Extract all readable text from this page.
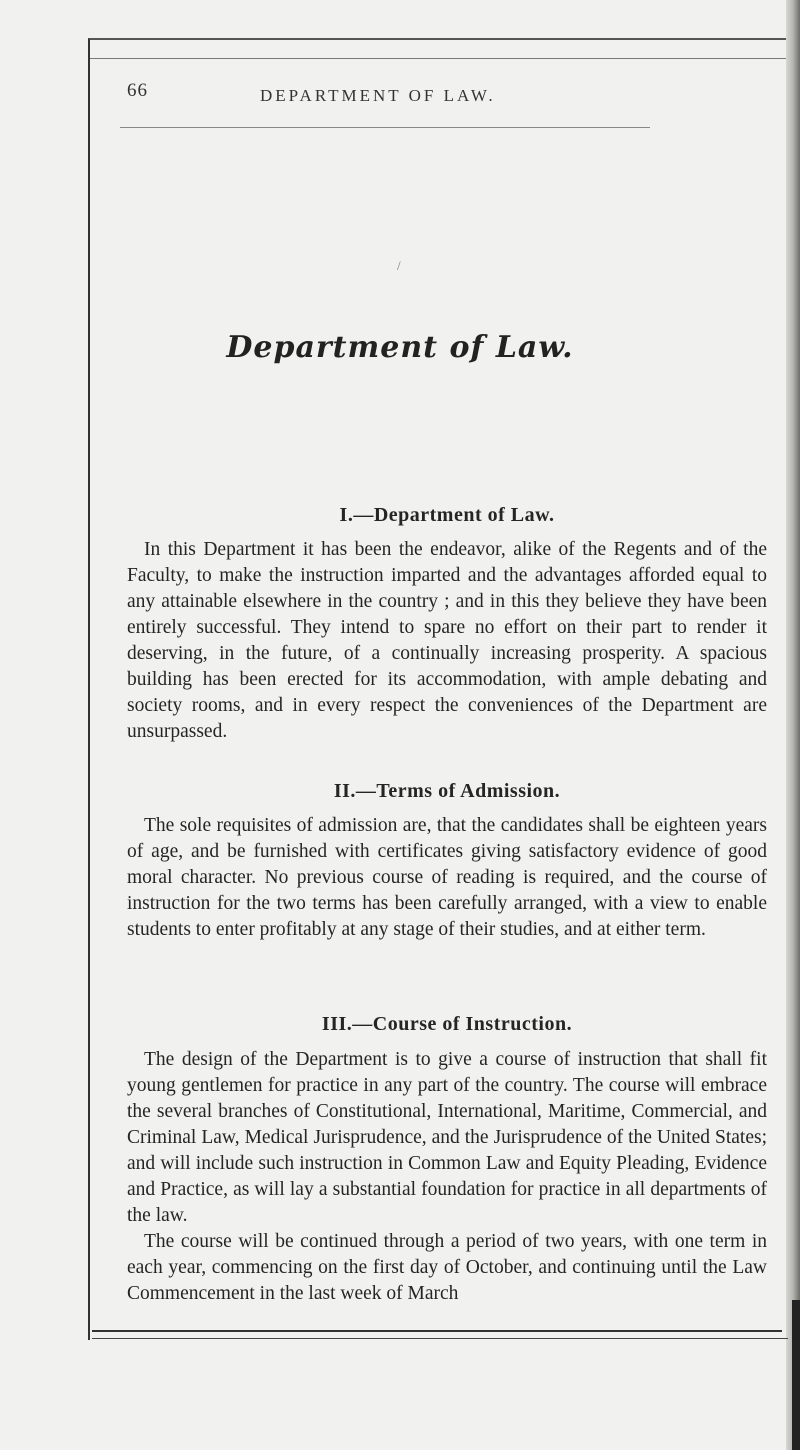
66	DEPARTMENT OF LAW.
/
Department of Law.

I.—Department of Law.

In this Department it has been the endeavor, alike of the Regents and of the Faculty, to make the instruction imparted and the advantages afforded equal to any attainable elsewhere in the country ; and in this they believe they have been entirely successful. They intend to spare no effort on their part to render it deserving, in the future, of a continually increasing prosperity. A spacious building has been erected for its accommodation, with ample debating and society rooms, and in every respect the conveniences of the Department are unsurpassed.

II.—Terms of Admission.

The sole requisites of admission are, that the candidates shall be eighteen years of age, and be furnished with certificates giving satisfactory evidence of good moral character. No previous course of reading is required, and the course of instruction for the two terms has been carefully arranged, with a view to enable students to enter profitably at any stage of their studies, and at either term.

III.—Course of Instruction.

The design of the Department is to give a course of instruction that shall fit young gentlemen for practice in any part of the country. The course will embrace the several branches of Constitutional, International, Maritime, Commercial, and Criminal Law, Medical Jurisprudence, and the Jurisprudence of the United States; and will include such instruction in Common Law and Equity Pleading, Evidence and Practice, as will lay a substantial foundation for practice in all departments of the law.

The course will be continued through a period of two years, with one term in each year, commencing on the first day of October, and continuing until the Law Commencement in the last week of March
